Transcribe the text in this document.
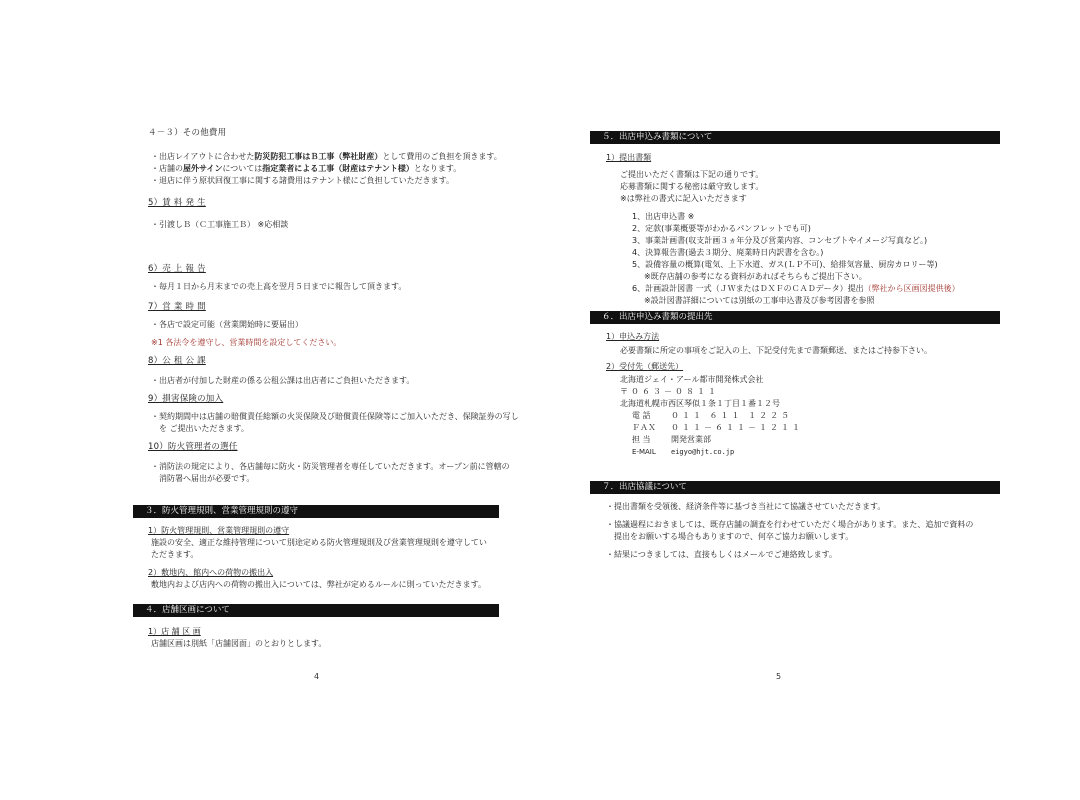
４－３）その他費用
・出店レイアウトに合わせた防災防犯工事はＢ工事（弊社財産）として費用のご負担を頂きます。
・店舗の屋外サインについては指定業者による工事（財産はテナント様）となります。
・退店に伴う原状回復工事に関する諸費用はテナント様にご負担していただきます。
5）賃 料 発 生
・引渡しＢ（Ｃ工事施工Ｂ） ※応相談
6）売 上 報 告
・毎月１日から月末までの売上高を翌月５日までに報告して頂きます。
7）営 業 時 間
・各店で設定可能（営業開始時に要届出）
※1 各法令を遵守し、営業時間を設定してください。
8）公 租 公 課
・出店者が付加した財産の係る公租公課は出店者にご負担いただきます。
9）損害保険の加入
・契約期間中は店舗の賠償責任総額の火災保険及び賠償責任保険等にご加入いただき、保険証券の写し
を ご提出いただきます。
10）防火管理者の選任
・消防法の規定により、各店舗毎に防火・防災管理者を専任していただきます。オープン前に管轄の
消防署へ届出が必要です。
３．防火管理規則、営業管理規則の遵守
1）防火管理規則、営業管理規則の遵守
施設の安全、適正な維持管理について別途定める防火管理規則及び営業管理規則を遵守してい
ただきます。
2）敷地内、館内への荷物の搬出入
敷地内および店内への荷物の搬出入については、弊社が定めるルールに則っていただきます。
４．店舗区画について
1）店 舗 区 画
店舗区画は別紙「店舗図面」のとおりとします。
4
５．出店申込み書類について
1）提出書類
ご提出いただく書類は下記の通りです。
応募書類に関する秘密は厳守致します。
※は弊社の書式に記入いただきます
1、出店申込書 ※
2、定款(事業概要等がわかるパンフレットでも可)
3、事業計画書(収支計画３ヵ年分及び営業内容、コンセプトやイメージ写真など。)
4、決算報告書(過去３期分、廃業時日内訳書を含む。)
5、設備容量の概算(電気、上下水道、ガス(ＬＰ不可)、給排気容量、厨房カロリー等)
※既存店舗の参考になる資料があればそちらもご提出下さい。
6、計画設計図書 一式（ＪＷまたはＤＸＦのＣＡＤデータ）提出（弊社から区画図提供後）
※設計図書詳細については別紙の工事申込書及び参考図書を参照
６．出店申込み書類の提出先
1）申込み方法
必要書類に所定の事項をご記入の上、下記受付先まで書類郵送、またはご持参下さい。
2）受付先（郵送先）
北海道ジェイ・アール都市開発株式会社
〒０６３－０８１１
北海道札幌市西区琴似１条１丁目１番１２号
電 話	０１１ ６１１ １２２５
ＦＡＸ ０１１－６１１－１２１１
担 当	開発営業部
E-MAIL eigyo@hjt.co.jp
７．出店協議について
・提出書類を受領後、経済条件等に基づき当社にて協議させていただきます。
・協議過程におきましては、既存店舗の調査を行わせていただく場合があります。また、追加で資料の
提出をお願いする場合もありますので、何卒ご協力お願いします。
・結果につきましては、直接もしくはメールでご連絡致します。
5
